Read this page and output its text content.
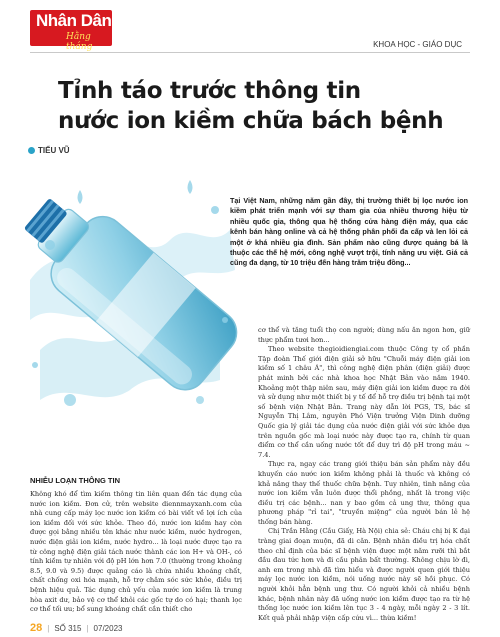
Nhân Dân
Hằng tháng	KHOA HỌC - GIÁO DỤC
Tỉnh táo trước thông tin
nước ion kiềm chữa bách bệnh
TIỂU VŨ

Tại Việt Nam, những năm gần đây, thị trường thiết bị lọc nước ion kiềm phát triển mạnh với sự tham gia của nhiều thương hiệu từ nhiều quốc gia, thông qua hệ thống cửa hàng điện máy, qua các kênh bán hàng online và cả hệ thống phân phối đa cấp và len lỏi cả một ở khá nhiều gia đình. Sản phẩm nào cũng được quảng bá là thuộc các thế hệ mới, công nghệ vượt trội, tính năng ưu việt. Giá cả cũng đa dạng, từ 10 triệu đến hàng trăm triệu đồng...

NHIỄU LOẠN THÔNG TIN

Không khó để tìm kiếm thông tin liên quan đến tác dụng của nước ion kiềm. Đơn cử, trên website diennmayxanh.com của nhà cung cấp máy lọc nước ion kiềm có bài viết về lợi ích của ion kiềm đối với sức khỏe. Theo đó, nước ion kiềm hay còn được gọi bằng nhiều tên khác như nước kiềm, nước hydrogen, nước điện giải ion kiềm, nước hydro... là loại nước được tạo ra từ công nghệ điện giải tách nước thành các ion H+ và OH-, có tính kiềm tự nhiên với độ pH lớn hơn 7.0 (thường trong khoảng 8.5, 9.0 và 9.5) được quảng cáo là chứa nhiều khoáng chất, chất chống oxi hóa mạnh, hỗ trợ chăm sóc sức khỏe, điều trị bệnh hiệu quả. Tác dụng chủ yếu của nước ion kiềm là trung hòa axit dư, bảo vệ cơ thể khỏi các gốc tự do có hại; thanh lọc cơ thể tối ưu; bổ sung khoáng chất cần thiết cho

cơ thể và tăng tuổi thọ con người; dùng nấu ăn ngon hơn, giữ thực phẩm tươi hơn...

Theo website thegioidiengiai.com thuộc Công ty cổ phần Tập đoàn Thế giới điện giải sở hữu "Chuỗi máy điện giải ion kiềm số 1 châu Á", thì công nghệ điện phân (điện giải) được phát minh bởi các nhà khoa học Nhật Bản vào năm 1940. Khoảng một thập niên sau, máy điện giải ion kiềm được ra đời và sử dụng như một thiết bị y tế để hỗ trợ điều trị bệnh tại một số bệnh viện Nhật Bản. Trang này dẫn lời PGS, TS, bác sĩ Nguyễn Thị Lâm, nguyên Phó Viện trưởng Viện Dinh dưỡng Quốc gia lý giải tác dụng của nước điện giải với sức khỏe dựa trên nguồn gốc mà loại nước này được tạo ra, chính từ quan điểm cơ thể cần uống nước tốt để duy trì độ pH trong máu ~ 7.4.

Thực ra, ngay các trang giới thiệu bán sản phẩm này đều khuyến cáo nước ion kiềm không phải là thuốc và không có khả năng thay thế thuốc chữa bệnh. Tuy nhiên, tình năng của nước ion kiềm vẫn luôn được thổi phồng, nhất là trong việc điều trị các bệnh... nan y bao gồm cả ung thư, thông qua phương pháp "rỉ tai", "truyền miệng" của người bán lẻ hệ thống bán hàng.

Chị Trần Hằng (Cầu Giấy, Hà Nội) chia sẻ: Cháu chị bị K đại tràng giai đoạn muộn, đã di căn. Bệnh nhân điều trị hóa chất theo chỉ định của bác sĩ bệnh viện được một năm rưỡi thì bắt đầu đau tức hơn và đi cầu phân bất thường. Không chịu lờ đi, anh em trong nhà đã tìm hiểu và được người quen giới thiệu máy lọc nước ion kiềm, nói uống nước này sẽ hồi phục. Có người khỏi hẳn bệnh ung thư. Có người khỏi cả nhiều bệnh khác, bệnh nhân này đã uống nước ion kiềm được tạo ra từ hệ thống lọc nước ion kiềm lên tục 3 - 4 ngày, mỗi ngày 2 - 3 lít. Kết quả phải nhập viện cấp cứu vì... thừa kiềm!

28 | SỐ 315 | 07/2023
